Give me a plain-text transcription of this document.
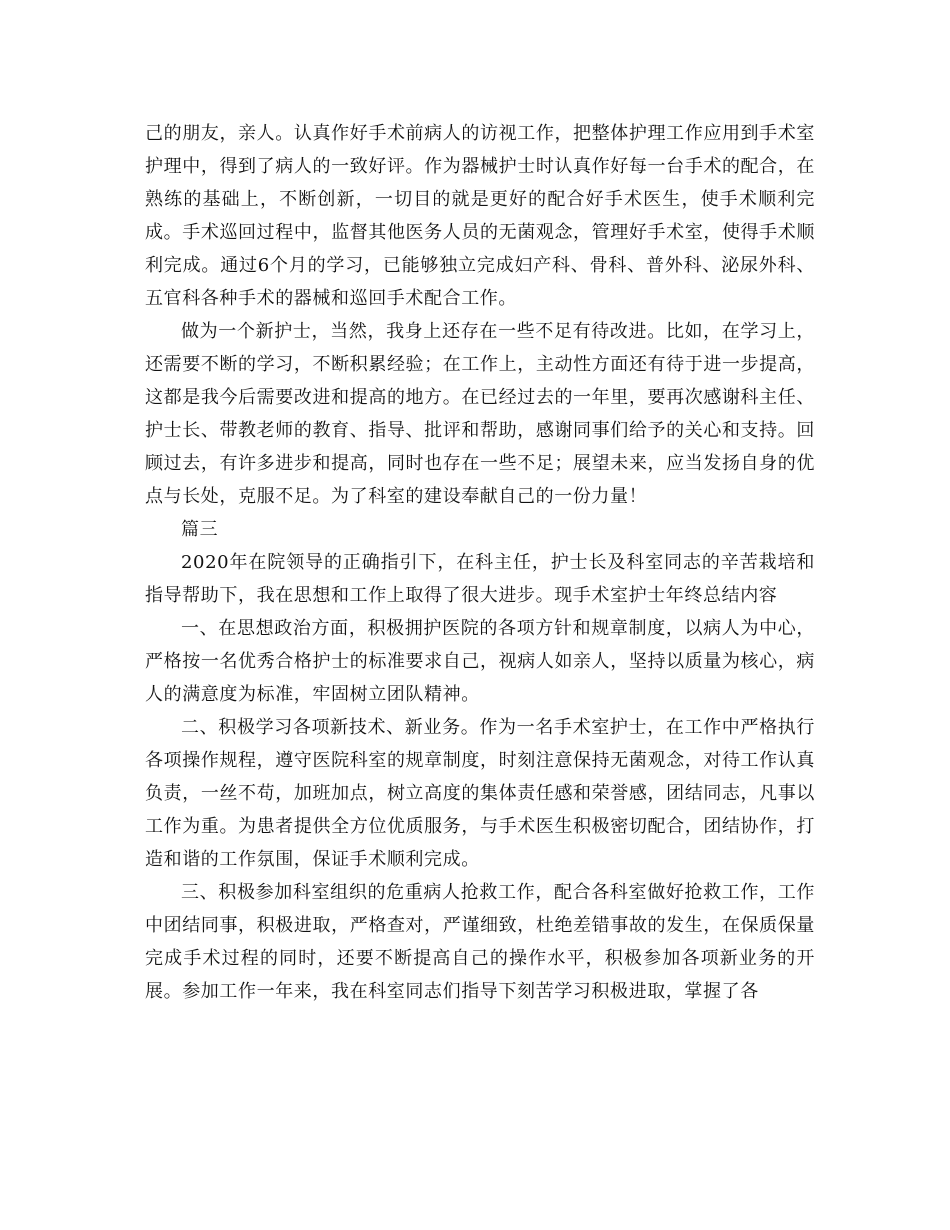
己的朋友，亲人。认真作好手术前病人的访视工作，把整体护理工作应用到手术室护理中，得到了病人的一致好评。作为器械护士时认真作好每一台手术的配合，在熟练的基础上，不断创新，一切目的就是更好的配合好手术医生，使手术顺利完成。手术巡回过程中，监督其他医务人员的无菌观念，管理好手术室，使得手术顺利完成。通过6个月的学习，已能够独立完成妇产科、骨科、普外科、泌尿外科、五官科各种手术的器械和巡回手术配合工作。

做为一个新护士，当然，我身上还存在一些不足有待改进。比如，在学习上，还需要不断的学习，不断积累经验；在工作上，主动性方面还有待于进一步提高，这都是我今后需要改进和提高的地方。在已经过去的一年里，要再次感谢科主任、护士长、带教老师的教育、指导、批评和帮助，感谢同事们给予的关心和支持。回顾过去，有许多进步和提高，同时也存在一些不足；展望未来，应当发扬自身的优点与长处，克服不足。为了科室的建设奉献自己的一份力量！

篇三

2020年在院领导的正确指引下，在科主任，护士长及科室同志的辛苦栽培和指导帮助下，我在思想和工作上取得了很大进步。现手术室护士年终总结内容

一、在思想政治方面，积极拥护医院的各项方针和规章制度，以病人为中心，严格按一名优秀合格护士的标准要求自己，视病人如亲人，坚持以质量为核心，病人的满意度为标准，牢固树立团队精神。

二、积极学习各项新技术、新业务。作为一名手术室护士，在工作中严格执行各项操作规程，遵守医院科室的规章制度，时刻注意保持无菌观念，对待工作认真负责，一丝不苟，加班加点，树立高度的集体责任感和荣誉感，团结同志，凡事以工作为重。为患者提供全方位优质服务，与手术医生积极密切配合，团结协作，打造和谐的工作氛围，保证手术顺利完成。

三、积极参加科室组织的危重病人抢救工作，配合各科室做好抢救工作，工作中团结同事，积极进取，严格查对，严谨细致，杜绝差错事故的发生，在保质保量完成手术过程的同时，还要不断提高自己的操作水平，积极参加各项新业务的开展。参加工作一年来，我在科室同志们指导下刻苦学习积极进取，掌握了各
